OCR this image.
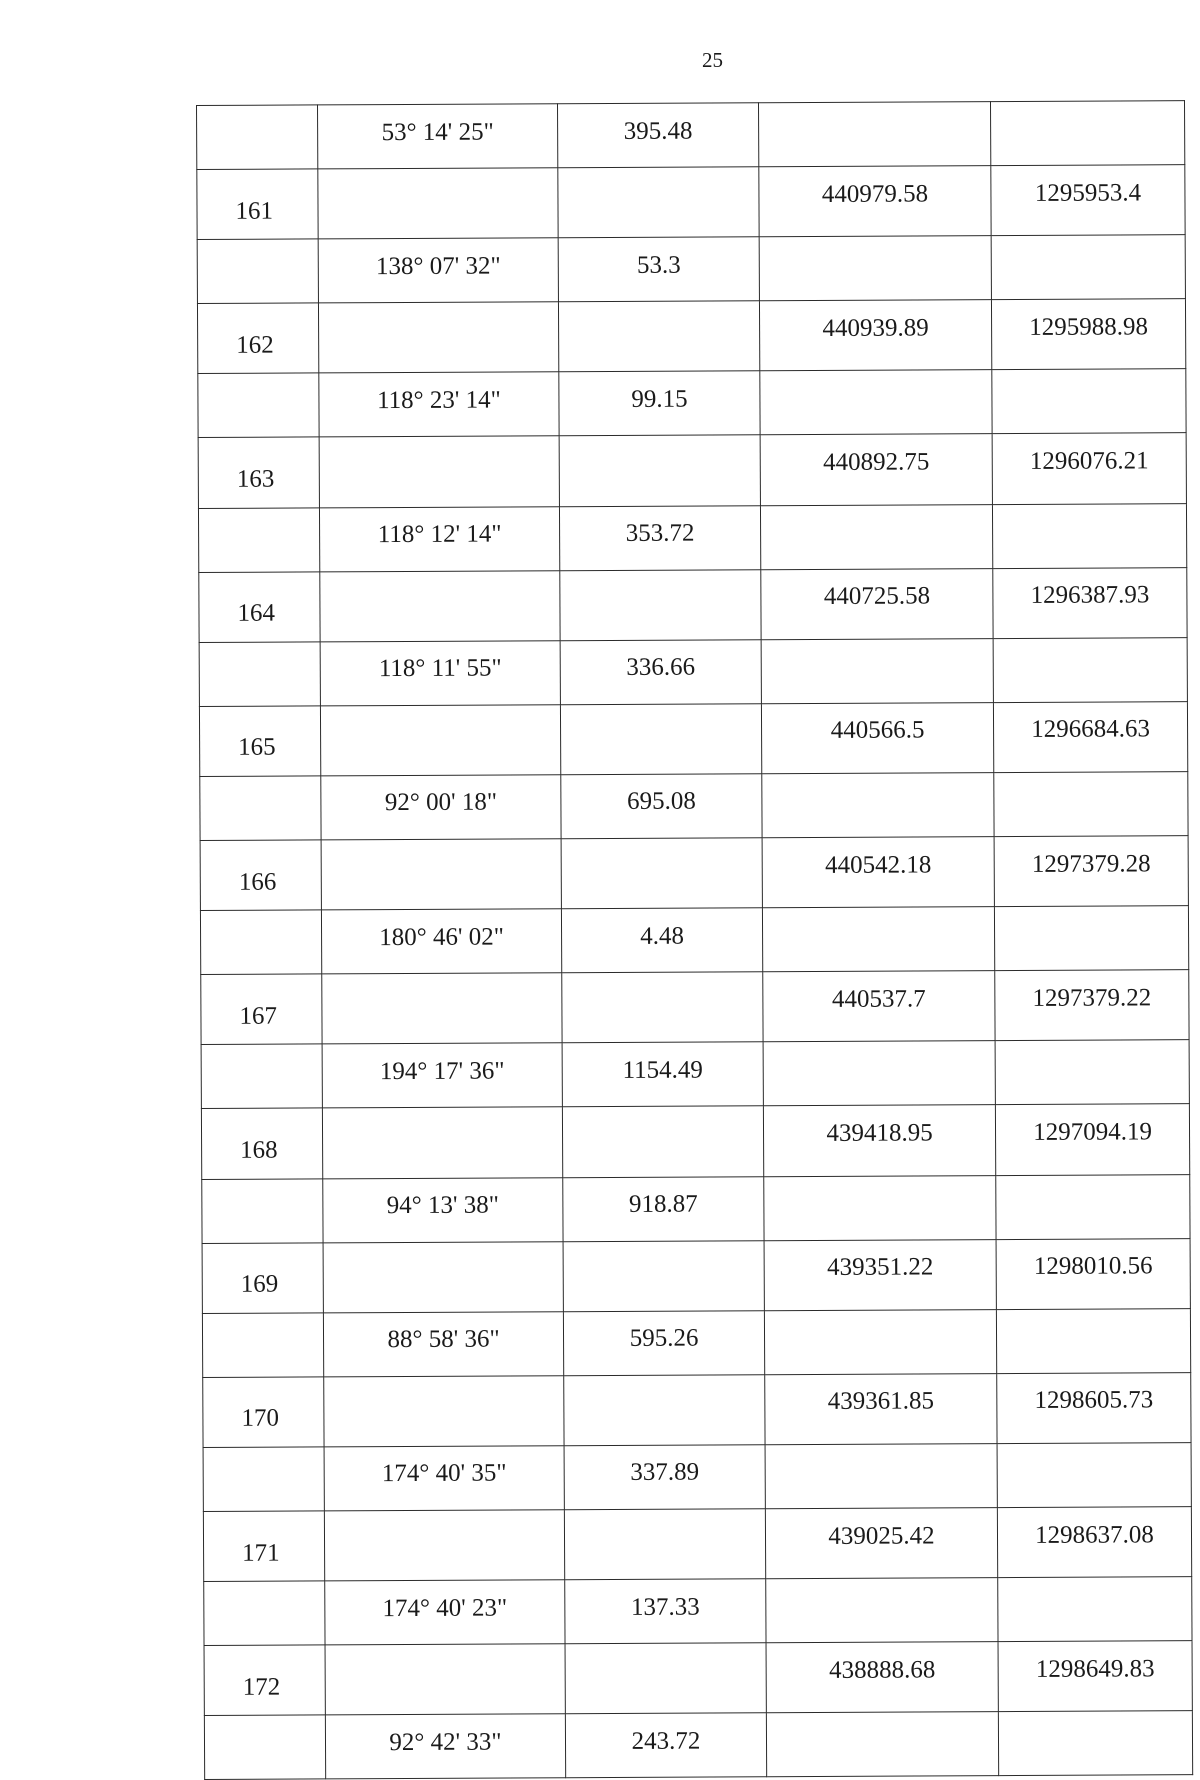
25
	53° 14' 25"	395.48		
161			440979.58	1295953.4
	138° 07' 32"	53.3		
162			440939.89	1295988.98
	118° 23' 14"	99.15		
163			440892.75	1296076.21
	118° 12' 14"	353.72		
164			440725.58	1296387.93
	118° 11' 55"	336.66		
165			440566.5	1296684.63
	92° 00' 18"	695.08		
166			440542.18	1297379.28
	180° 46' 02"	4.48		
167			440537.7	1297379.22
	194° 17' 36"	1154.49		
168			439418.95	1297094.19
	94° 13' 38"	918.87		
169			439351.22	1298010.56
	88° 58' 36"	595.26		
170			439361.85	1298605.73
	174° 40' 35"	337.89		
171			439025.42	1298637.08
	174° 40' 23"	137.33		
172			438888.68	1298649.83
	92° 42' 33"	243.72		
